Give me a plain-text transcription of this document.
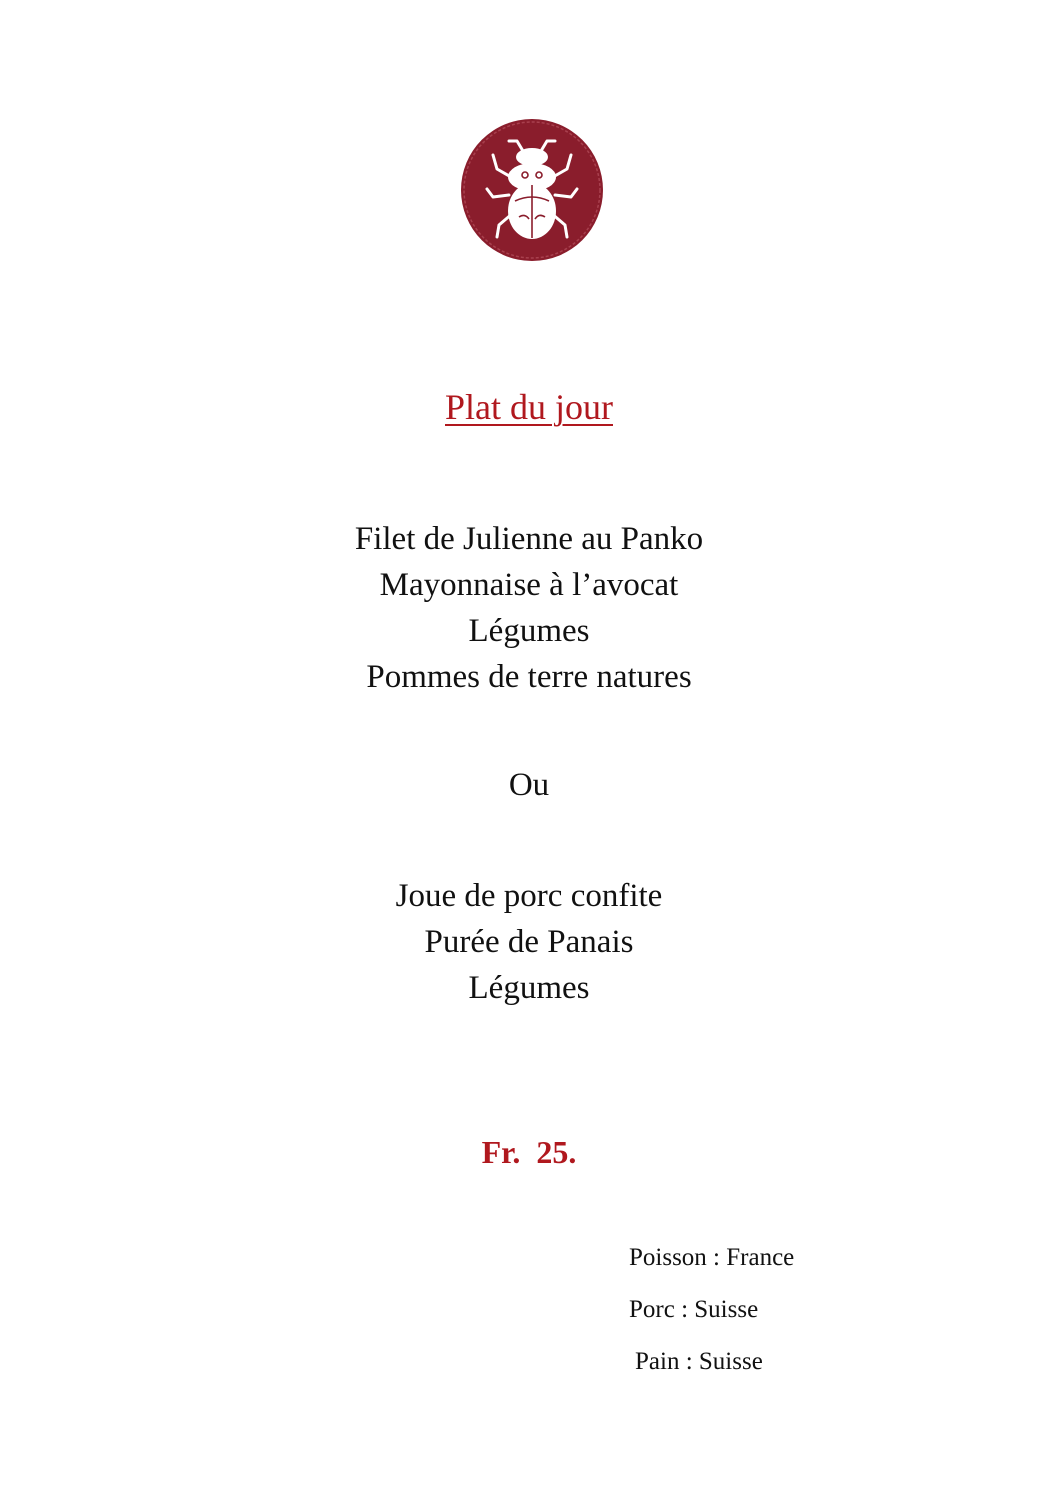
Plat du jour
Filet de Julienne au Panko
Mayonnaise à l’avocat
Légumes
Pommes de terre natures
Ou
Joue de porc confite
Purée de Panais
Légumes
Fr.  25.
Poisson : France
Porc : Suisse
Pain : Suisse
